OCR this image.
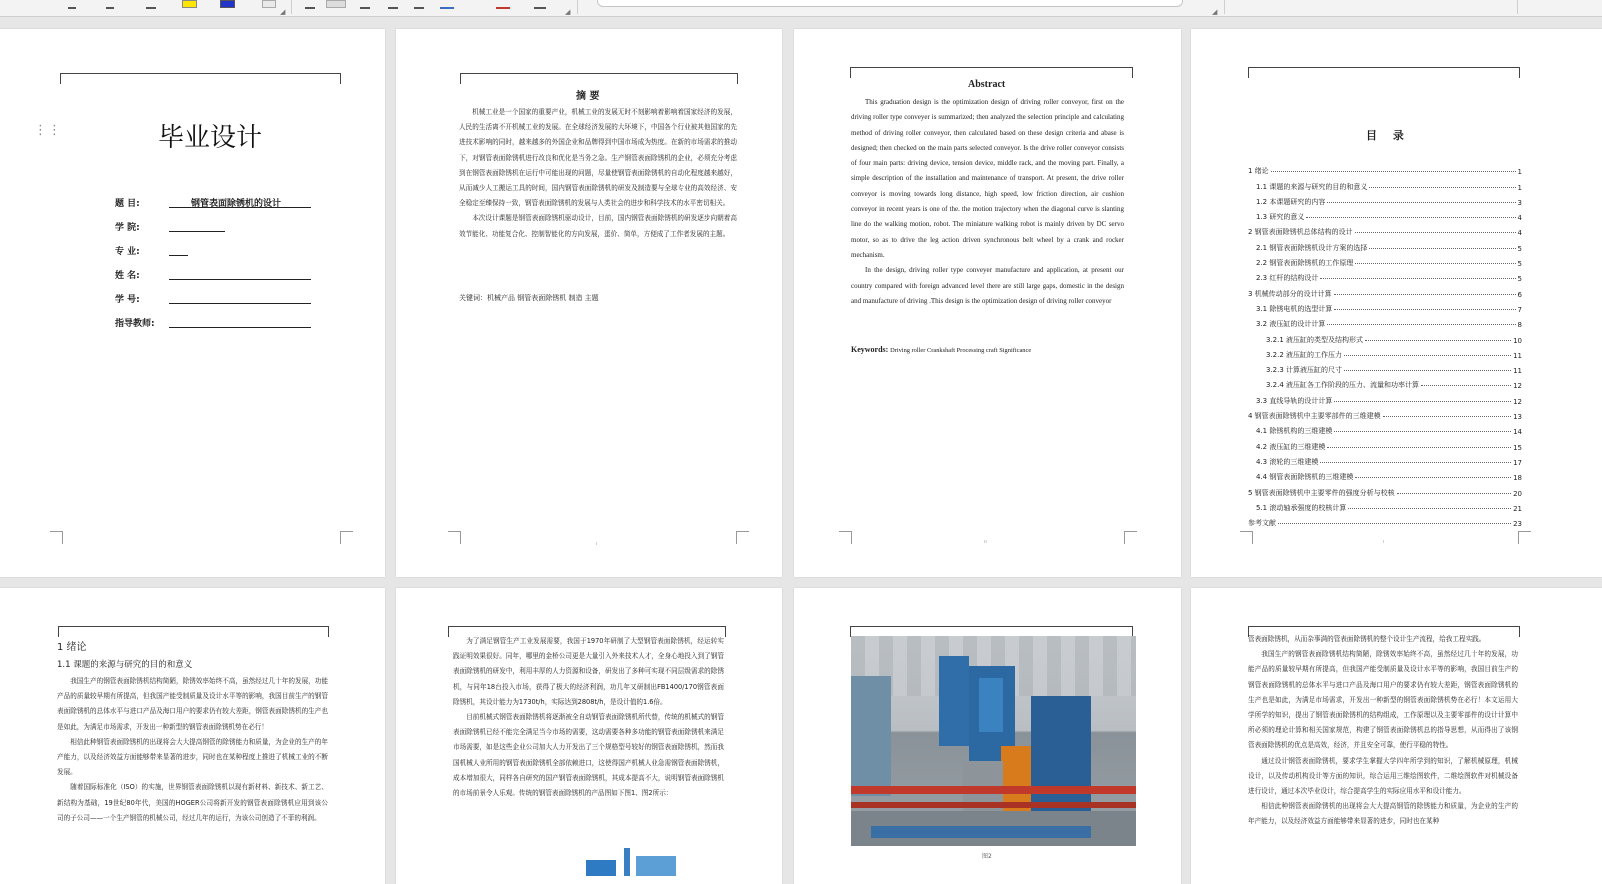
◢	◢	◢
⋮⋮	毕业设计
题 目:	钢管表面除锈机的设计
学 院:
专 业:
姓 名:
学 号:
指导教师:
摘 要

机械工业是一个国家的重要产业，机械工业的发展无时不刻影响着影响着国家经济的发展，人民的生活离不开机械工业的发展。在全球经济发展的大环境下，中国各个行业被其他国家的先进技术影响的同时，越来越多的外国企业和品牌得到中国市场成为热度。在新的市场需求的推动下，对钢管表面除锈机进行改良和优化是当务之急。生产钢管表面除锈机的企业，必须充分考虑到在钢管表面除锈机在运行中可能出现的问题，尽量使钢管表面除锈机的自动化程度越来越好，从而减少人工搬运工具的时间，国内钢管表面除锈机的研发及制造要与全球专业的高效经济、安全稳定至臻保持一致，钢管表面除锈机的发展与人类社会的进步和科学技术的水平密切相关。

本次设计课题是钢管表面除锈机驱动设计，目前，国内钢管表面除锈机的研发逐步向朝着高效节能化、功能复合化、控制智能化的方向发展，蛋价、简单，方便成了工作者发展的主题。

关键词：机械产品 钢管表面除锈机 制造 主题
ı
Abstract

This graduation design is the optimization design of driving roller conveyor, first on the driving roller type conveyer is summarized; then analyzed the selection principle and calculating method of driving roller conveyor, then calculated based on these design criteria and abase is designed; then checked on the main parts selected conveyor. Is the drive roller conveyor consists of four main parts: driving device, tension device, middle rack, and the moving part. Finally, a simple description of the installation and maintenance of transport. At present, the drive roller conveyor is moving towards long distance, high speed, low friction direction, air cushion conveyor in recent years is one of the. the motion trajectory when the diagonal curve is slanting line do the walking motion, robot. The miniature walking robot is mainly driven by DC servo motor, so as to drive the leg action driven synchronous belt wheel by a crank and rocker mechanism.

In the design, driving roller type conveyer manufacture and application, at present our country compared with foreign advanced level there are still large gaps, domestic in the design and manufacture of driving .This design is the optimization design of driving roller conveyor

Keywords: Driving roller Crankshaft Processing craft Significance
ıı
目 录
1 绪论	1
1.1 课题的来源与研究的目的和意义	1
1.2 本课题研究的内容	3
1.3 研究的意义	4
2 钢管表面除锈机总体结构的设计	4
2.1 钢管表面除锈机设计方案的选择	5
2.2 钢管表面除锈机的工作原理	5
2.3 红杆的结构设计	5
3 机械传动部分的设计计算	6
3.1 除锈电机的选型计算	7
3.2 液压缸的设计计算	8
3.2.1 液压缸的类型及结构形式	10
3.2.2 液压缸的工作压力	11
3.2.3 计算液压缸的尺寸	11
3.2.4 液压缸各工作阶段的压力、流量和功率计算	12
3.3 直线导轨的设计计算	12
4 钢管表面除锈机中主要零部件的三维建模	13
4.1 除锈机构的三维建模	14
4.2 液压缸的三维建模	15
4.3 滚轮的三维建模	17
4.4 钢管表面除锈机的三维建模	18
5 钢管表面除锈机中主要零件的强度分析与校核	20
5.1 滚动轴承强度的校核计算	21
参考文献	23
ı
1 绪论
1.1 课题的来源与研究的目的和意义

我国生产的钢管表面除锈机结构简陋，除锈效率始终不高，虽然经过几十年的发展，功能产品的质量较早期有所提高，但我国产能受制质量及设计水平等的影响，我国目前生产的钢管表面除锈机的总体水平与进口产品及海口用户的要求仍有较大差距，钢管表面除锈机的生产也是如此，为满足市场需求，开发出一种新型的钢管表面除锈机势在必行！

相信此种钢管表面除锈机的出现将会大大提高钢管的除锈能力和质量，为企业的生产的年产能力，以及经济效益方面能够带来显著的进步，同时也在某种程度上推进了机械工业的不断发展。

随着国际标准化（ISO）的实施，世界钢管表面除锈机以现有新材料、新技术、新工艺、新结构为基础，19世纪80年代，美国的HOGER公司将新开发的钢管表面除锈机应用到该公司的子公司——一个生产钢管的机械公司，经过几年的运行，为该公司创造了不菲的利润。

为了满足钢管生产工业发展需要，我国于1970年研制了大型钢管表面除锈机，经运转实践证明效果很好。同年，哪里的金桥公司更是大量引入外来技术人才，全身心地投入到了钢管表面除锈机的研发中，利用丰厚的人力资源和设备，研发出了多种可实现不同层级需求的除锈机，与同年18台投入市场，获得了极大的经济利润，功几年又研制出FB1400/170钢管表面除锈机，其设计能力为1730t/h，实际达到2808t/h，是设计值的1.6倍。

目前机械式钢管表面除锈机将逐渐被全自动钢管表面除锈机所代替，传统的机械式的钢管表面除锈机已经不能完全满足当今市场的需要，这动需要各种多功能的钢管表面除锈机来满足市场需要，如是这些企业公司加大人力开发出了三个规格型号较好的钢管表面除锈机，然而我国机械人业所用的钢管表面除锈机全部依赖进口，这使得国产机械人业急需钢管表面除锈机，成本增加很大，同样各自研究的国产钢管表面除锈机，其成本提高不大，说明钢管表面除锈机的市场前景令人乐观。传统的钢管表面除锈机的产品图如下图1、图2所示：

图2

管表面除锈机，从而杂事满的管表面除锈机的整个设计生产流程，给我工程实践。

我国生产的钢管表面除锈机结构简陋，除锈效率始终不高，虽然经过几十年的发展，功能产品的质量较早期有所提高，但我国产能受制质量及设计水平等的影响，我国目前生产的钢管表面除锈机的总体水平与进口产品及海口用户的要求仍有较大差距，钢管表面除锈机的生产也是如此，为满足市场需求，开发出一种新型的钢管表面除锈机势在必行！本文运用大学所学的知识，提出了钢管表面除锈机的结构组成，工作原理以及主要零部件的设计计算中所必须的理论计算和相关国家规范，构建了钢管表面除锈机总的指导思想，从而得出了该钢管表面除锈机的优点是高效，经济，并且安全可靠，使行平稳的特性。

通过设计钢管表面除锈机，要求学生掌握大学四年所学到的知识，了解机械原理，机械设计，以及传动机构设计等方面的知识，综合运用三维绘图软件，二维绘图软件对机械设备进行设计，通过本次毕业设计，综合提高学生的实际应用水平和设计能力。

相信此种钢管表面除锈机的出现将会大大提高钢管的除锈能力和质量，为企业的生产的年产能力，以及经济效益方面能够带来显著的进步，同时也在某种
